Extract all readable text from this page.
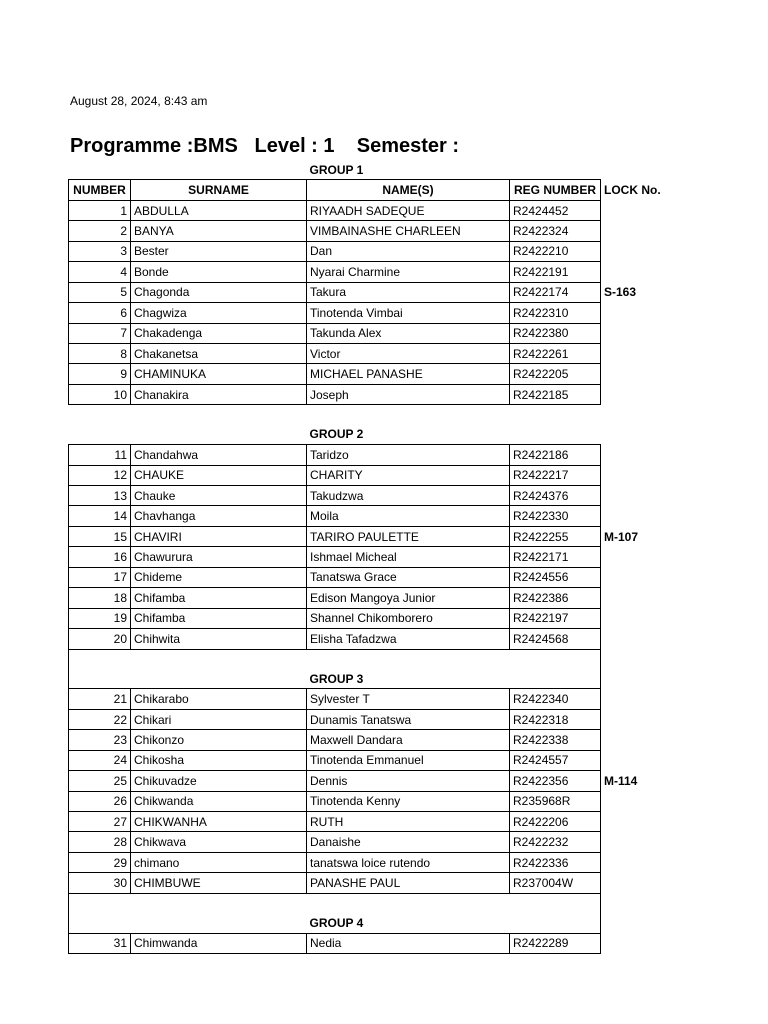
August 28, 2024, 8:43 am
Programme :BMS   Level : 1    Semester :
		GROUP 1		
NUMBER	SURNAME	NAME(S)	REG NUMBER	LOCK No.
1	ABDULLA	RIYAADH SADEQUE	R2424452	
2	BANYA	VIMBAINASHE CHARLEEN	R2422324	
3	Bester	Dan	R2422210	
4	Bonde	Nyarai Charmine	R2422191	
5	Chagonda	Takura	R2422174	S-163
6	Chagwiza	Tinotenda Vimbai	R2422310	
7	Chakadenga	Takunda Alex	R2422380	
8	Chakanetsa	Victor	R2422261	
9	CHAMINUKA	MICHAEL PANASHE	R2422205	
10	Chanakira	Joseph	R2422185	

		GROUP 2		
11	Chandahwa	Taridzo	R2422186	
12	CHAUKE	CHARITY	R2422217	
13	Chauke	Takudzwa	R2424376	
14	Chavhanga	Moila	R2422330	
15	CHAVIRI	TARIRO PAULETTE	R2422255	M-107
16	Chawurura	Ishmael Micheal	R2422171	
17	Chideme	Tanatswa Grace	R2424556	
18	Chifamba	Edison Mangoya Junior	R2422386	
19	Chifamba	Shannel Chikomborero	R2422197	
20	Chihwita	Elisha Tafadzwa	R2424568	

		GROUP 3		
21	Chikarabo	Sylvester T	R2422340	
22	Chikari	Dunamis Tanatswa	R2422318	
23	Chikonzo	Maxwell Dandara	R2422338	
24	Chikosha	Tinotenda Emmanuel	R2424557	
25	Chikuvadze	Dennis	R2422356	M-114
26	Chikwanda	Tinotenda Kenny	R235968R	
27	CHIKWANHA	RUTH	R2422206	
28	Chikwava	Danaishe	R2422232	
29	chimano	tanatswa loice rutendo	R2422336	
30	CHIMBUWE	PANASHE PAUL	R237004W	

		GROUP 4		
31	Chimwanda	Nedia	R2422289	
